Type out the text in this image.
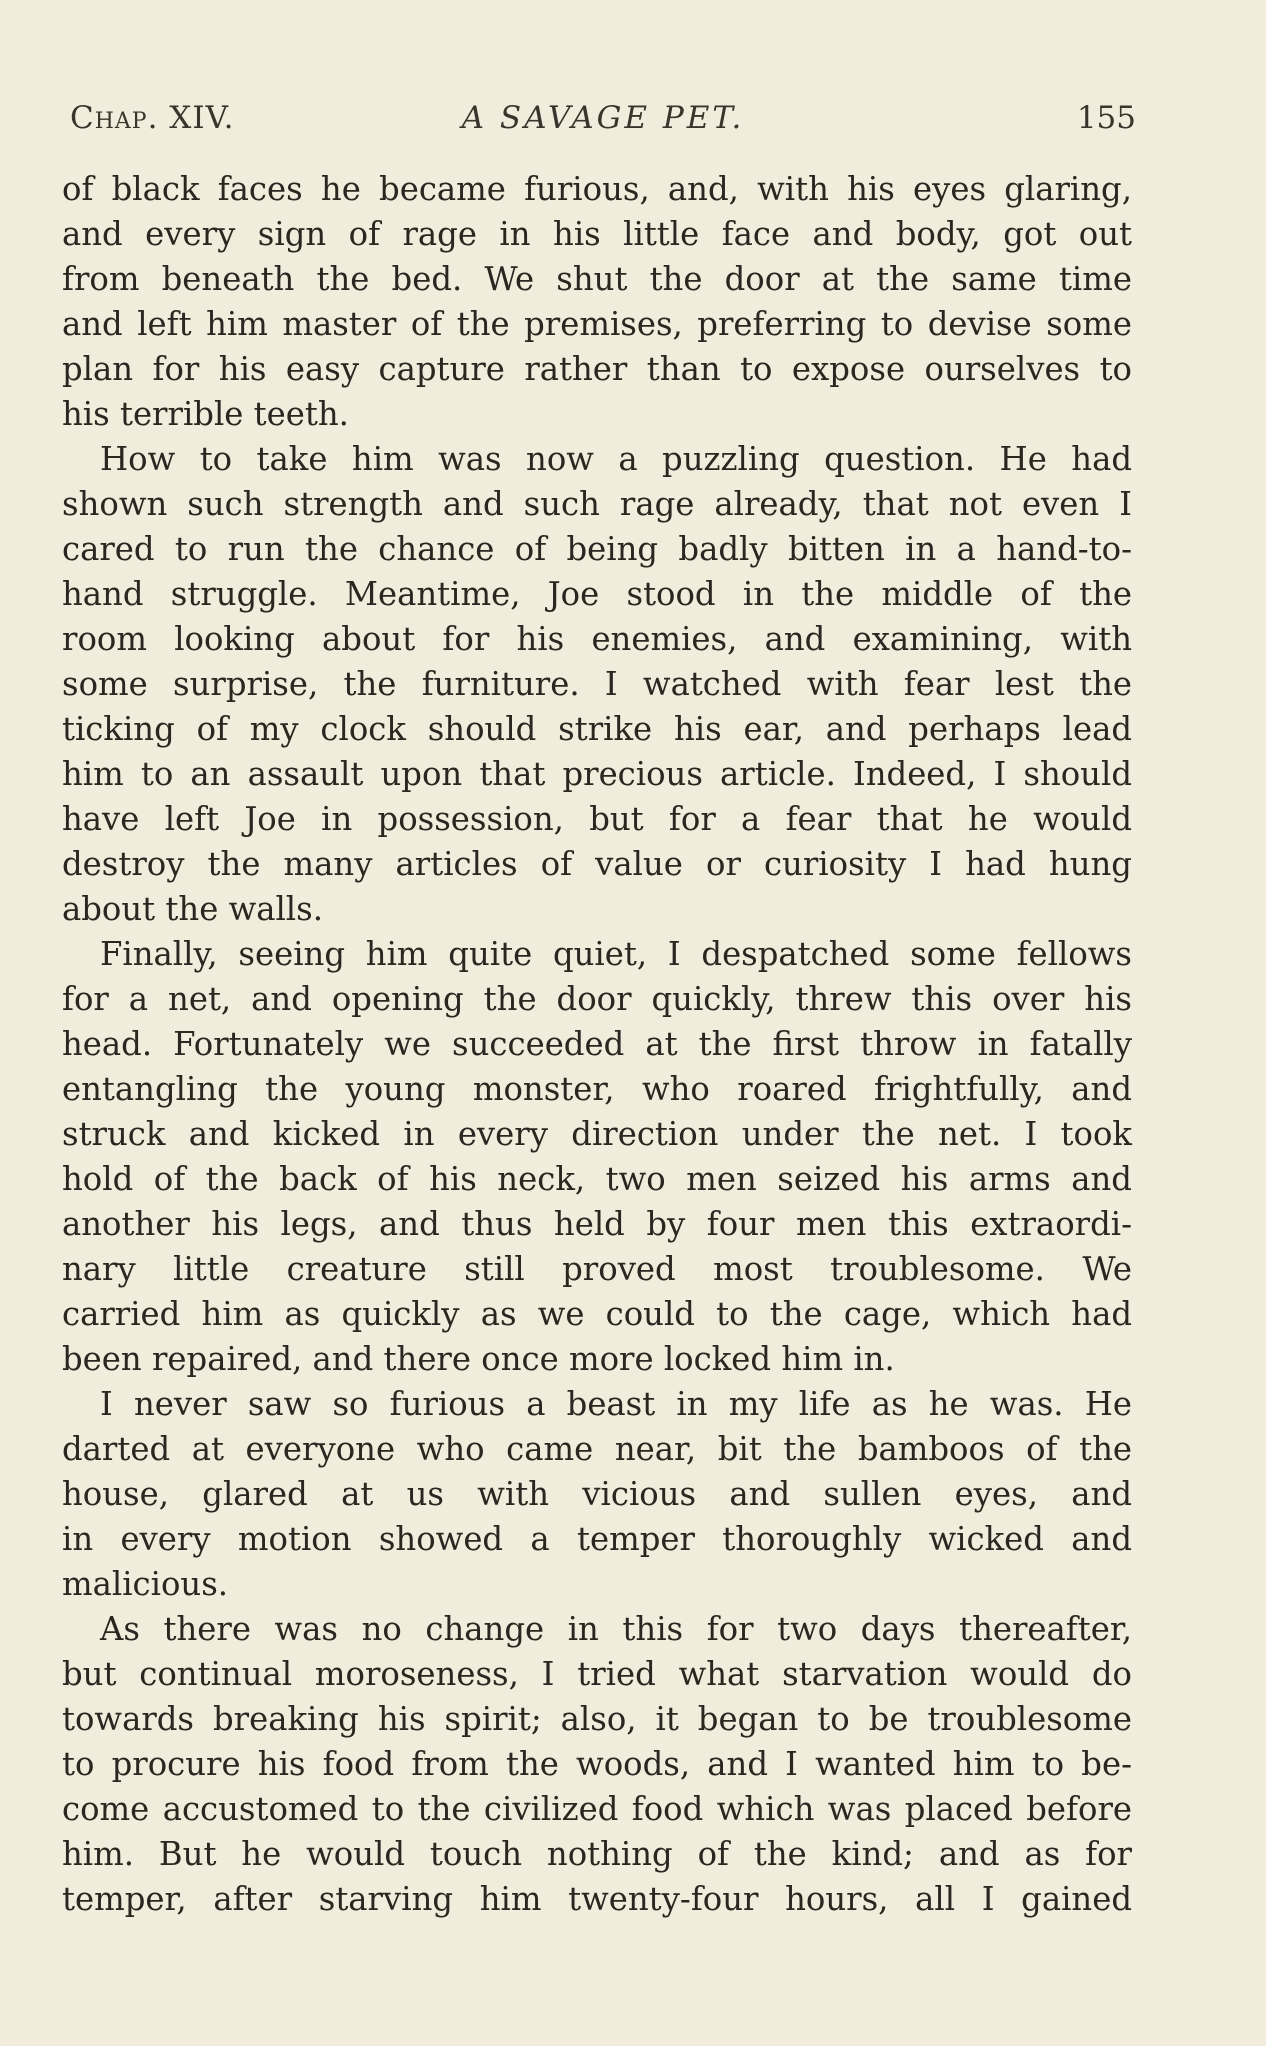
Chap. XIV.	A SAVAGE PET.	155
of black faces he became furious, and, with his eyes glaring,
and every sign of rage in his little face and body, got out
from beneath the bed. We shut the door at the same time
and left him master of the premises, preferring to devise some
plan for his easy capture rather than to expose ourselves to
his terrible teeth.
How to take him was now a puzzling question. He had
shown such strength and such rage already, that not even I
cared to run the chance of being badly bitten in a hand-to-
hand struggle. Meantime, Joe stood in the middle of the
room looking about for his enemies, and examining, with
some surprise, the furniture. I watched with fear lest the
ticking of my clock should strike his ear, and perhaps lead
him to an assault upon that precious article. Indeed, I should
have left Joe in possession, but for a fear that he would
destroy the many articles of value or curiosity I had hung
about the walls.
Finally, seeing him quite quiet, I despatched some fellows
for a net, and opening the door quickly, threw this over his
head. Fortunately we succeeded at the first throw in fatally
entangling the young monster, who roared frightfully, and
struck and kicked in every direction under the net. I took
hold of the back of his neck, two men seized his arms and
another his legs, and thus held by four men this extraordi-
nary little creature still proved most troublesome. We
carried him as quickly as we could to the cage, which had
been repaired, and there once more locked him in.
I never saw so furious a beast in my life as he was. He
darted at everyone who came near, bit the bamboos of the
house, glared at us with vicious and sullen eyes, and
in every motion showed a temper thoroughly wicked and
malicious.
As there was no change in this for two days thereafter,
but continual moroseness, I tried what starvation would do
towards breaking his spirit; also, it began to be troublesome
to procure his food from the woods, and I wanted him to be-
come accustomed to the civilized food which was placed before
him. But he would touch nothing of the kind; and as for
temper, after starving him twenty-four hours, all I gained
